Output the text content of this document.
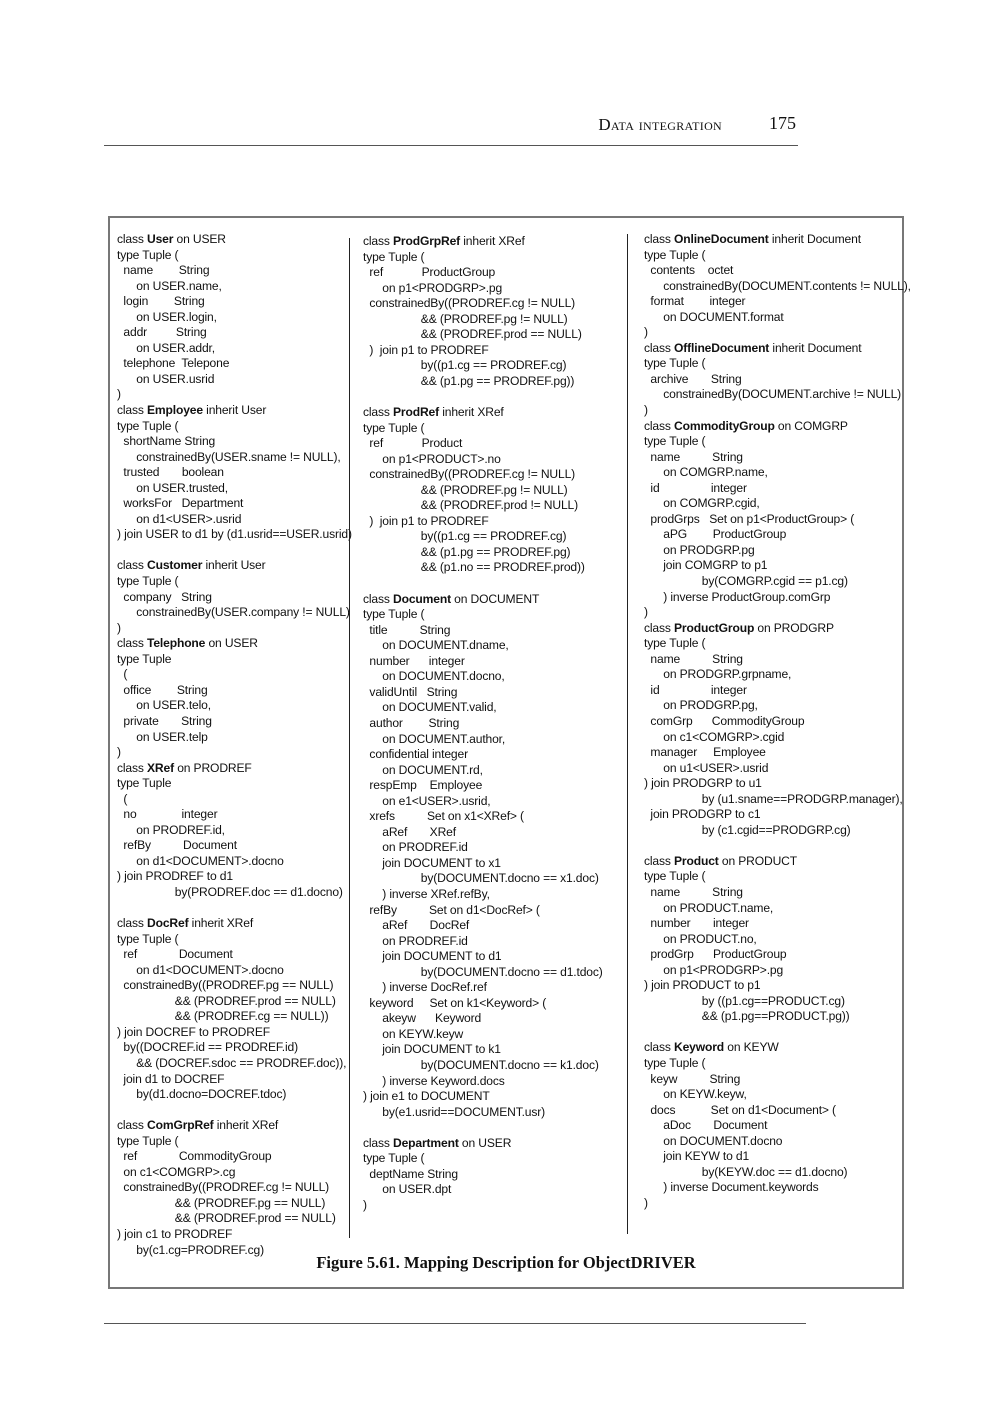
Data integration	175
class User on USER
type Tuple (
name        String
on USER.name,
login        String
on USER.login,
addr         String
on USER.addr,
telephone  Telepone
on USER.usrid
)
class Employee inherit User
type Tuple (
shortName String
constrainedBy(USER.sname != NULL),
trusted       boolean
on USER.trusted,
worksFor   Department
on d1<USER>.usrid
) join USER to d1 by (d1.usrid==USER.usrid)
class Customer inherit User
type Tuple (
company   String
constrainedBy(USER.company != NULL)
)
class Telephone on USER
type Tuple
(
office        String
on USER.telo,
private       String
on USER.telp
)
class XRef on PRODREF
type Tuple
(
no              integer
on PRODREF.id,
refBy          Document
on d1<DOCUMENT>.docno
) join PRODREF to d1
by(PRODREF.doc == d1.docno)
class DocRef inherit XRef
type Tuple (
ref             Document
on d1<DOCUMENT>.docno
constrainedBy((PRODREF.pg == NULL)
&& (PRODREF.prod == NULL)
&& (PRODREF.cg == NULL))
) join DOCREF to PRODREF
by((DOCREF.id == PRODREF.id)
&& (DOCREF.sdoc == PRODREF.doc)),
join d1 to DOCREF
by(d1.docno=DOCREF.tdoc)
class ComGrpRef inherit XRef
type Tuple (
ref             CommodityGroup
on c1<COMGRP>.cg
constrainedBy((PRODREF.cg != NULL)
&& (PRODREF.pg == NULL)
&& (PRODREF.prod == NULL)
) join c1 to PRODREF
by(c1.cg=PRODREF.cg)
class ProdGrpRef inherit XRef
type Tuple (
ref            ProductGroup
on p1<PRODGRP>.pg
constrainedBy((PRODREF.cg != NULL)
&& (PRODREF.pg != NULL)
&& (PRODREF.prod == NULL)
)  join p1 to PRODREF
by((p1.cg == PRODREF.cg)
&& (p1.pg == PRODREF.pg))
class ProdRef inherit XRef
type Tuple (
ref            Product
on p1<PRODUCT>.no
constrainedBy((PRODREF.cg != NULL)
&& (PRODREF.pg != NULL)
&& (PRODREF.prod != NULL)
)  join p1 to PRODREF
by((p1.cg == PRODREF.cg)
&& (p1.pg == PRODREF.pg)
&& (p1.no == PRODREF.prod))
class Document on DOCUMENT
type Tuple (
title          String
on DOCUMENT.dname,
number      integer
on DOCUMENT.docno,
validUntil   String
on DOCUMENT.valid,
author        String
on DOCUMENT.author,
confidential integer
on DOCUMENT.rd,
respEmp    Employee
on e1<USER>.usrid,
xrefs          Set on x1<XRef> (
aRef       XRef
on PRODREF.id
join DOCUMENT to x1
by(DOCUMENT.docno == x1.doc)
) inverse XRef.refBy,
refBy          Set on d1<DocRef> (
aRef       DocRef
on PRODREF.id
join DOCUMENT to d1
by(DOCUMENT.docno == d1.tdoc)
) inverse DocRef.ref
keyword     Set on k1<Keyword> (
akeyw      Keyword
on KEYW.keyw
join DOCUMENT to k1
by(DOCUMENT.docno == k1.doc)
) inverse Keyword.docs
) join e1 to DOCUMENT
by(e1.usrid==DOCUMENT.usr)
class Department on USER
type Tuple (
deptName String
on USER.dpt
)
class OnlineDocument inherit Document
type Tuple (
contents    octet
constrainedBy(DOCUMENT.contents != NULL),
format        integer
on DOCUMENT.format
)
class OfflineDocument inherit Document
type Tuple (
archive       String
constrainedBy(DOCUMENT.archive != NULL)
)
class CommodityGroup on COMGRP
type Tuple (
name          String
on COMGRP.name,
id                integer
on COMGRP.cgid,
prodGrps   Set on p1<ProductGroup> (
aPG        ProductGroup
on PRODGRP.pg
join COMGRP to p1
by(COMGRP.cgid == p1.cg)
) inverse ProductGroup.comGrp
)
class ProductGroup on PRODGRP
type Tuple (
name          String
on PRODGRP.grpname,
id                integer
on PRODGRP.pg,
comGrp      CommodityGroup
on c1<COMGRP>.cgid
manager     Employee
on u1<USER>.usrid
) join PRODGRP to u1
by (u1.sname==PRODGRP.manager),
join PRODGRP to c1
by (c1.cgid==PRODGRP.cg)
class Product on PRODUCT
type Tuple (
name          String
on PRODUCT.name,
number       integer
on PRODUCT.no,
prodGrp      ProductGroup
on p1<PRODGRP>.pg
) join PRODUCT to p1
by ((p1.cg==PRODUCT.cg)
&& (p1.pg==PRODUCT.pg))
class Keyword on KEYW
type Tuple (
keyw          String
on KEYW.keyw,
docs           Set on d1<Document> (
aDoc       Document
on DOCUMENT.docno
join KEYW to d1
by(KEYW.doc == d1.docno)
) inverse Document.keywords
)
Figure 5.61. Mapping Description for ObjectDRIVER
